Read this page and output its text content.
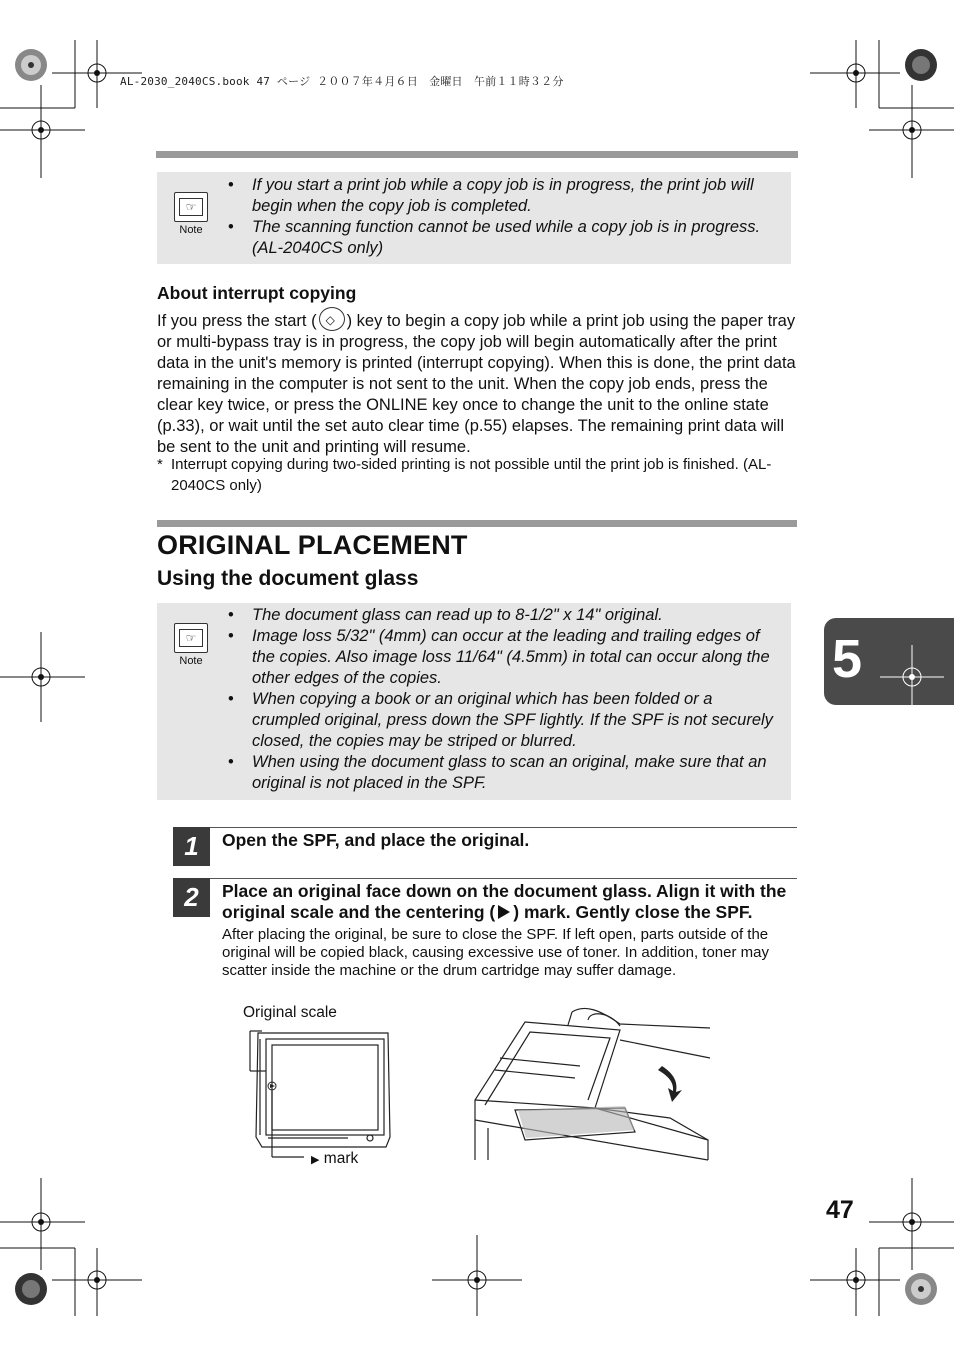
AL-2030_2040CS.book 47 ページ ２００７年４月６日　金曜日　午前１１時３２分
☞
Note
• If you start a print job while a copy job is in progress, the print job will begin when the copy job is completed.
• The scanning function cannot be used while a copy job is in progress. (AL-2040CS only)
About interrupt copying
If you press the start (◇ ) key to begin a copy job while a print job using the paper tray or multi-bypass tray is in progress, the copy job will begin automatically after the print data in the unit's memory is printed (interrupt copying). When this is done, the print data remaining in the computer is not sent to the unit. When the copy job ends, press the clear key twice, or press the ONLINE key once to change the unit to the online state (p.33), or wait until the set auto clear time (p.55) elapses. The remaining print data will be sent to the unit and printing will resume.
* Interrupt copying during two-sided printing is not possible until the print job is finished. (AL-2040CS only)
ORIGINAL PLACEMENT
Using the document glass
☞
Note
• The document glass can read up to 8-1/2" x 14" original.
• Image loss 5/32" (4mm) can occur at the leading and trailing edges of the copies. Also image loss 11/64" (4.5mm) in total can occur along the other edges of the copies.
• When copying a book or an original which has been folded or a crumpled original, press down the SPF lightly. If the SPF is not securely closed, the copies may be striped or blurred.
• When using the document glass to scan an original, make sure that an original is not placed in the SPF.
5
1	Open the SPF, and place the original.
2	Place an original face down on the document glass. Align it with the original scale and the centering ( ) mark. Gently close the SPF.
After placing the original, be sure to close the SPF. If left open, parts outside of the original will be copied black, causing excessive use of toner. In addition, toner may scatter inside the machine or the drum cartridge may suffer damage.
Original scale
▶ mark
47
